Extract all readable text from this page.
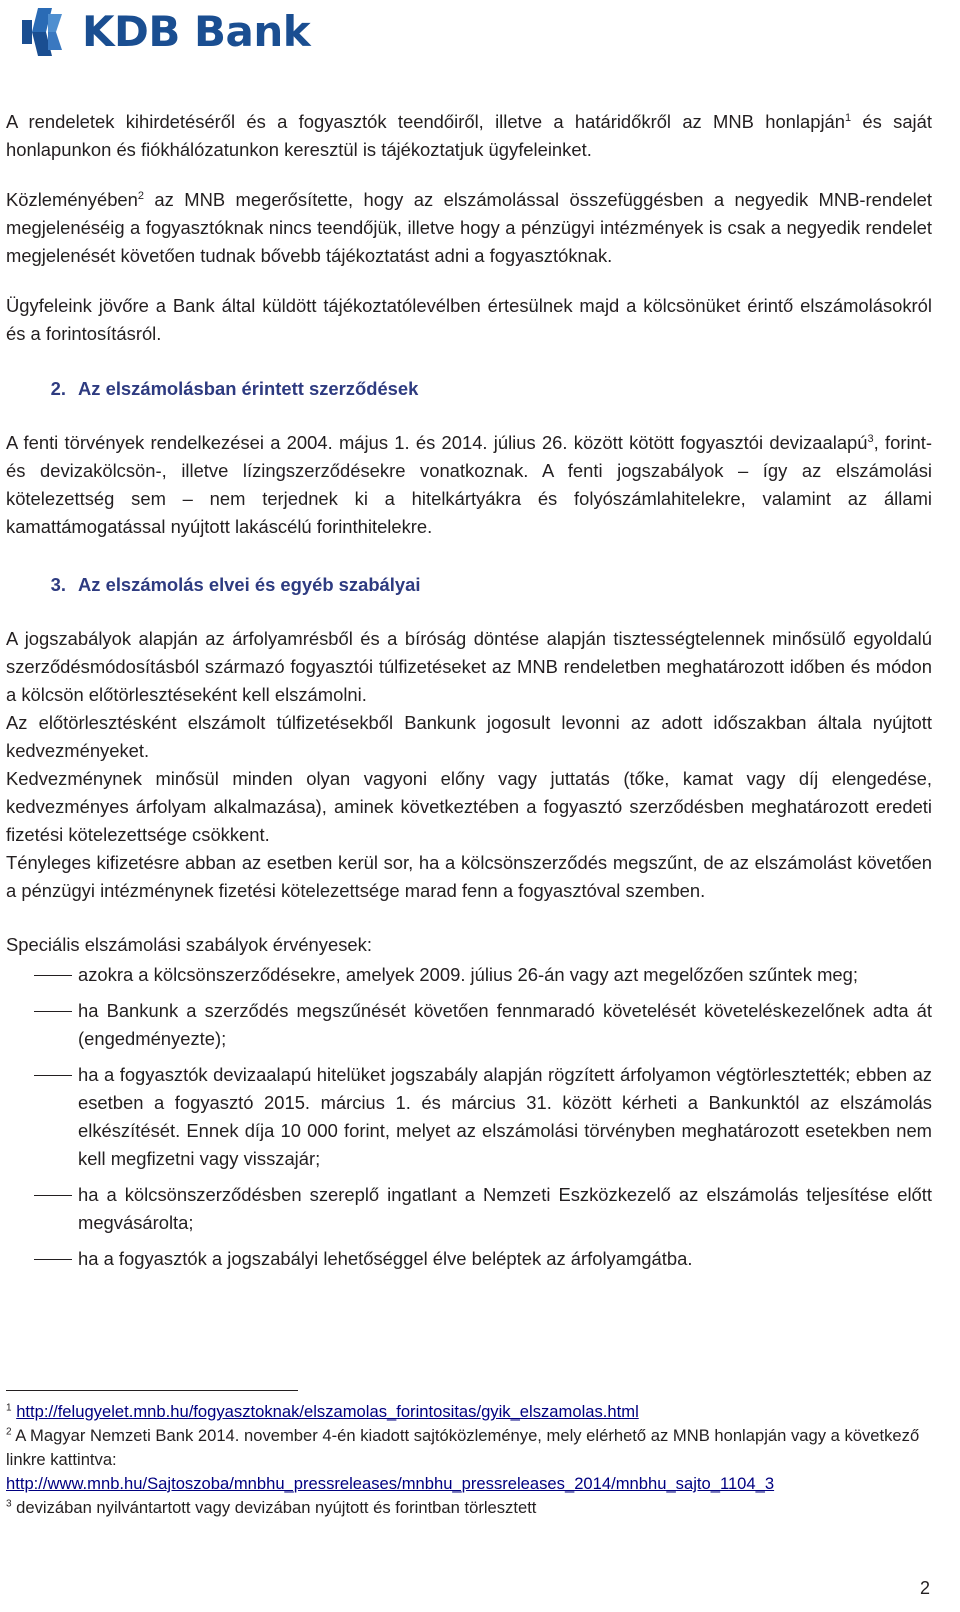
KDB Bank

A rendeletek kihirdetéséről és a fogyasztók teendőiről, illetve a határidőkről az MNB honlapján$^1$ és saját honlapunkon és fiókhálózatunkon keresztül is tájékoztatjuk ügyfeleinket.

Közleményében$^2$ az MNB megerősítette, hogy az elszámolással összefüggésben a negyedik MNB-rendelet megjelenéséig a fogyasztóknak nincs teendőjük, illetve hogy a pénzügyi intézmények is csak a negyedik rendelet megjelenését követően tudnak bővebb tájékoztatást adni a fogyasztóknak.

Ügyfeleink jövőre a Bank által küldött tájékoztatólevélben értesülnek majd a kölcsönüket érintő elszámolásokról és a forintosításról.

2. Az elszámolásban érintett szerződések

A fenti törvények rendelkezései a 2004. május 1. és 2014. július 26. között kötött fogyasztói devizaalapú$^3$, forint- és devizakölcsön-, illetve lízingszerződésekre vonatkoznak. A fenti jogszabályok – így az elszámolási kötelezettség sem – nem terjednek ki a hitelkártyákra és folyószámlahitelekre, valamint az állami kamattámogatással nyújtott lakáscélú forinthitelekre.

3. Az elszámolás elvei és egyéb szabályai

A jogszabályok alapján az árfolyamrésből és a bíróság döntése alapján tisztességtelennek minősülő egyoldalú szerződésmódosításból származó fogyasztói túlfizetéseket az MNB rendeletben meghatározott időben és módon a kölcsön előtörlesztéseként kell elszámolni.

Az előtörlesztésként elszámolt túlfizetésekből Bankunk jogosult levonni az adott időszakban általa nyújtott kedvezményeket.

Kedvezménynek minősül minden olyan vagyoni előny vagy juttatás (tőke, kamat vagy díj elengedése, kedvezményes árfolyam alkalmazása), aminek következtében a fogyasztó szerződésben meghatározott eredeti fizetési kötelezettsége csökkent.

Tényleges kifizetésre abban az esetben kerül sor, ha a kölcsönszerződés megszűnt, de az elszámolást követően a pénzügyi intézménynek fizetési kötelezettsége marad fenn a fogyasztóval szemben.

Speciális elszámolási szabályok érvényesek:

azokra a kölcsönszerződésekre, amelyek 2009. július 26-án vagy azt megelőzően szűntek meg;
ha Bankunk a szerződés megszűnését követően fennmaradó követelését követeléskezelőnek adta át (engedményezte);
ha a fogyasztók devizaalapú hitelüket jogszabály alapján rögzített árfolyamon végtörlesztették; ebben az esetben a fogyasztó 2015. március 1. és március 31. között kérheti a Bankunktól az elszámolás elkészítését. Ennek díja 10 000 forint, melyet az elszámolási törvényben meghatározott esetekben nem kell megfizetni vagy visszajár;
ha a kölcsönszerződésben szereplő ingatlant a Nemzeti Eszközkezelő az elszámolás teljesítése előtt megvásárolta;
ha a fogyasztók a jogszabályi lehetőséggel élve beléptek az árfolyamgátba.

$^1$ http://felugyelet.mnb.hu/fogyasztoknak/elszamolas_forintositas/gyik_elszamolas.html

$^2$ A Magyar Nemzeti Bank 2014. november 4-én kiadott sajtóközleménye, mely elérhető az MNB honlapján vagy a következő linkre kattintva:

http://www.mnb.hu/Sajtoszoba/mnbhu_pressreleases/mnbhu_pressreleases_2014/mnbhu_sajto_1104_3

$^3$ devizában nyilvántartott vagy devizában nyújtott és forintban törlesztett

2
